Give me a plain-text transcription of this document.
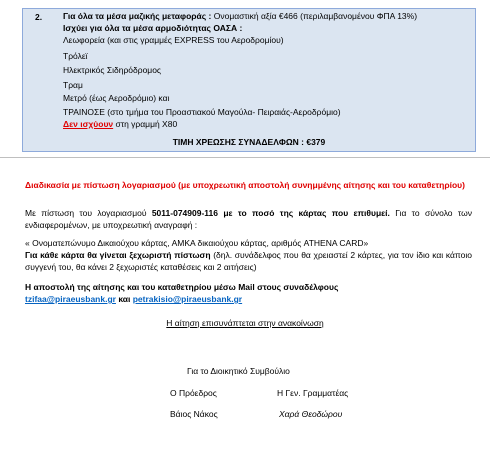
2. Για όλα τα μέσα μαζικής μεταφοράς : Ονομαστική αξία €466 (περιλαμβανομένου ΦΠΑ 13%)
Ισχύει για όλα τα μέσα αρμοδιότητας ΟΑΣΑ :
Λεωφορεία (και στις γραμμές EXPRESS του Αεροδρομίου)
Τρόλεϊ
Ηλεκτρικός Σιδηρόδρομος
Τραμ
Μετρό (έως Αεροδρόμιο) και
ΤΡΑΙΝΟΣΕ (στο τμήμα του Προαστιακού Μαγούλα- Πειραιάς-Αεροδρόμιο)
Δεν ισχύουν στη γραμμή Χ80
ΤΙΜΗ ΧΡΕΩΣΗΣ ΣΥΝΑΔΕΛΦΩΝ : €379
Διαδικασία με πίστωση λογαριασμού (με υποχρεωτική αποστολή συνημμένης αίτησης και του καταθετηρίου)
Με πίστωση του λογαριασμού 5011-074909-116 με το ποσό της κάρτας που επιθυμεί. Για το σύνολο των ενδιαφερομένων, με υποχρεωτική αναγραφή :
« Ονοματεπώνυμο Δικαιούχου κάρτας, ΑΜΚΑ δικαιούχου κάρτας, αριθμός ATHENA CARD»
Για κάθε κάρτα θα γίνεται ξεχωριστή πίστωση (δηλ. συνάδελφος που θα χρειαστεί 2 κάρτες, για τον ίδιο και κάποιο συγγενή του, θα κάνει 2 ξεχωριστές καταθέσεις και 2 αιτήσεις)
Η αποστολή της αίτησης και του καταθετηρίου μέσω Mail στους συναδέλφους
tzifaa@piraeusbank.gr και petrakisio@piraeusbank.gr
Η αίτηση επισυνάπτεται στην ανακοίνωση
Για το Διοικητικό Συμβούλιο
Ο Πρόεδρος	Η Γεν. Γραμματέας
Βάιος Νάκος	Χαρά Θεοδώρου
